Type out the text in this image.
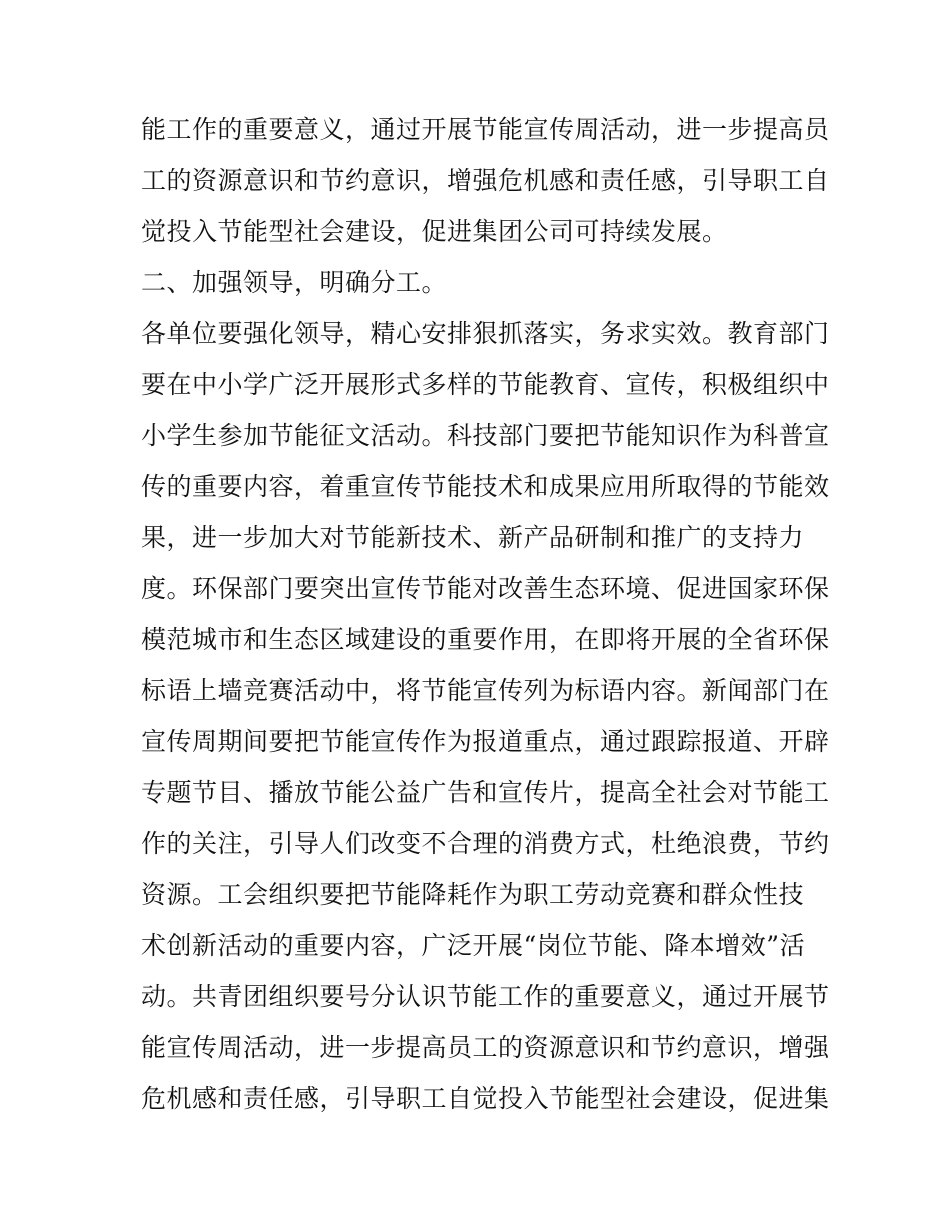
能工作的重要意义，通过开展节能宣传周活动，进一步提高员
工的资源意识和节约意识，增强危机感和责任感，引导职工自
觉投入节能型社会建设，促进集团公司可持续发展。
二、加强领导，明确分工。
各单位要强化领导，精心安排狠抓落实，务求实效。教育部门
要在中小学广泛开展形式多样的节能教育、宣传，积极组织中
小学生参加节能征文活动。科技部门要把节能知识作为科普宣
传的重要内容，着重宣传节能技术和成果应用所取得的节能效
果，进一步加大对节能新技术、新产品研制和推广的支持力
度。环保部门要突出宣传节能对改善生态环境、促进国家环保
模范城市和生态区域建设的重要作用，在即将开展的全省环保
标语上墙竞赛活动中，将节能宣传列为标语内容。新闻部门在
宣传周期间要把节能宣传作为报道重点，通过跟踪报道、开辟
专题节目、播放节能公益广告和宣传片，提高全社会对节能工
作的关注，引导人们改变不合理的消费方式，杜绝浪费，节约
资源。工会组织要把节能降耗作为职工劳动竞赛和群众性技
术创新活动的重要内容，广泛开展“岗位节能、降本增效”活
动。共青团组织要号分认识节能工作的重要意义，通过开展节
能宣传周活动，进一步提高员工的资源意识和节约意识，增强
危机感和责任感，引导职工自觉投入节能型社会建设，促进集
